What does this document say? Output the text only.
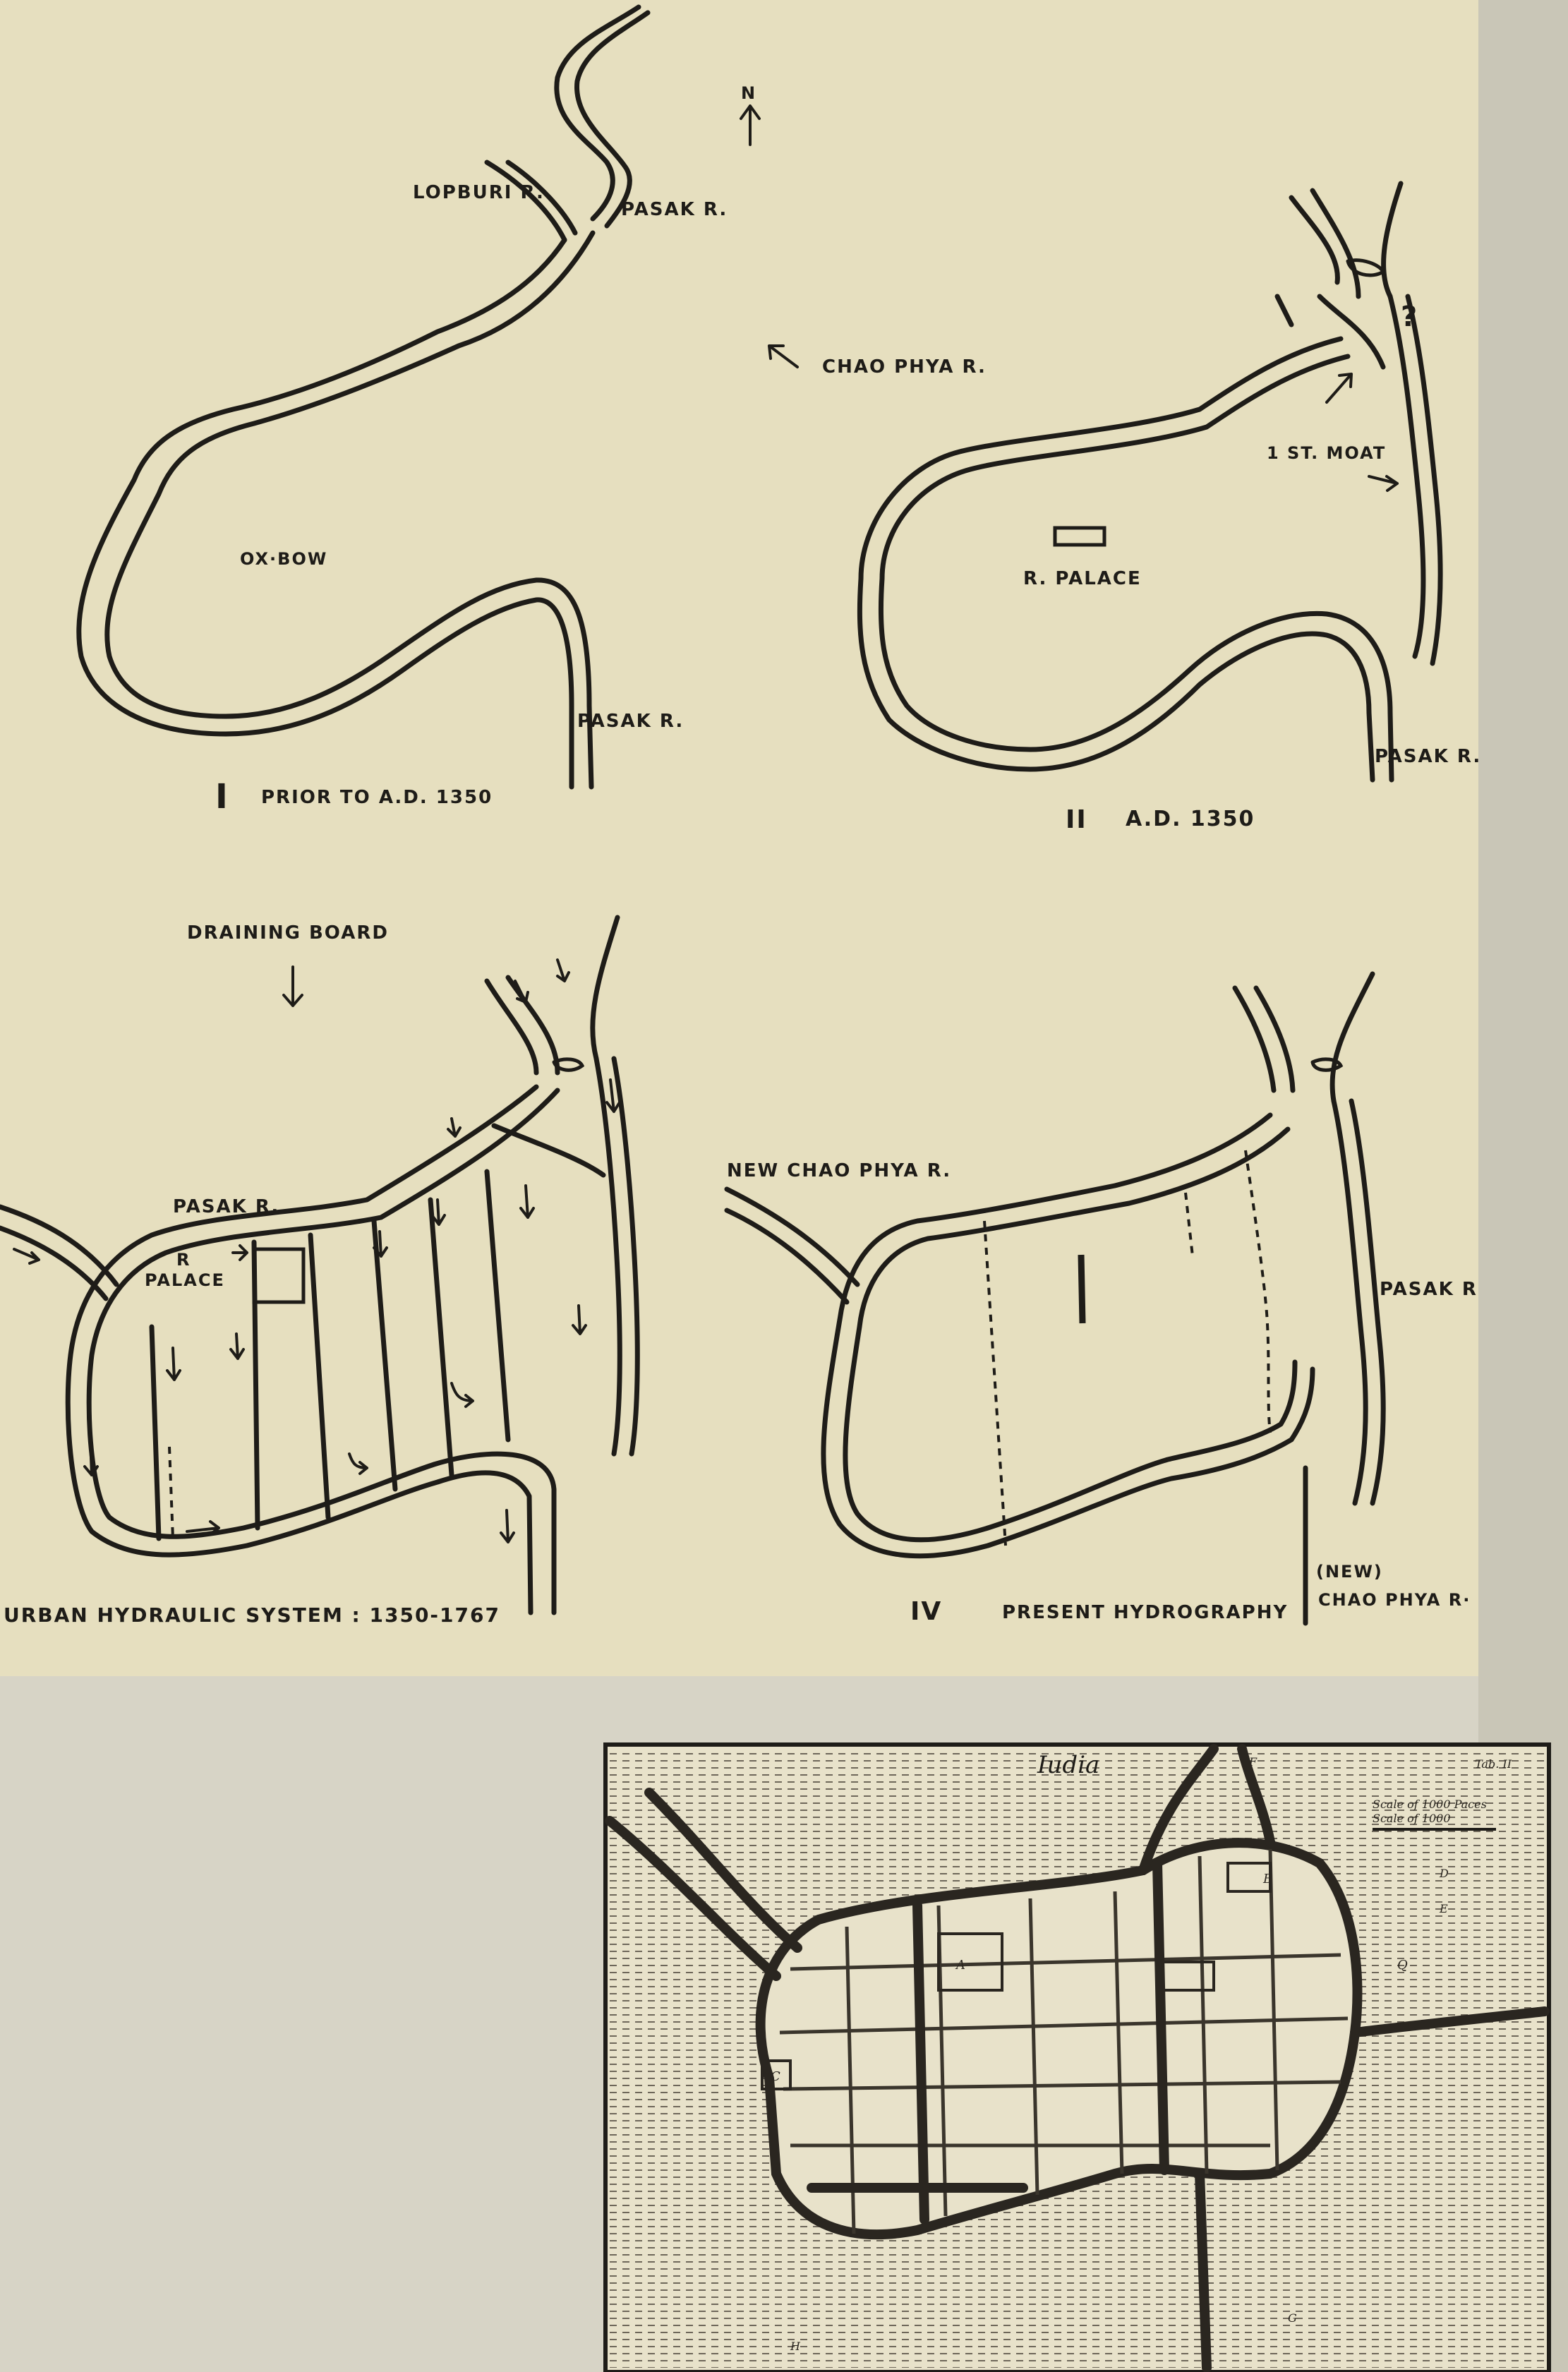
LOPBURI R.
PASAK R.
OX·BOW
PASAK R.
I PRIOR TO A.D. 1350
N
CHAO PHYA R.
?
1 ST. MOAT
R. PALACE
PASAK R.
II A.D. 1350
DRAINING BOARD
PASAK R.
R
PALACE
URBAN HYDRAULIC SYSTEM : 1350-1767
NEW CHAO PHYA R.
PASAK R
(NEW)
CHAO PHYA R·
IV	PRESENT HYDROGRAPHY
Iudia	Tab. II
Scale of 1000 Paces
Scale of 1000
A
B
C
D
E
F
G
H
Q
